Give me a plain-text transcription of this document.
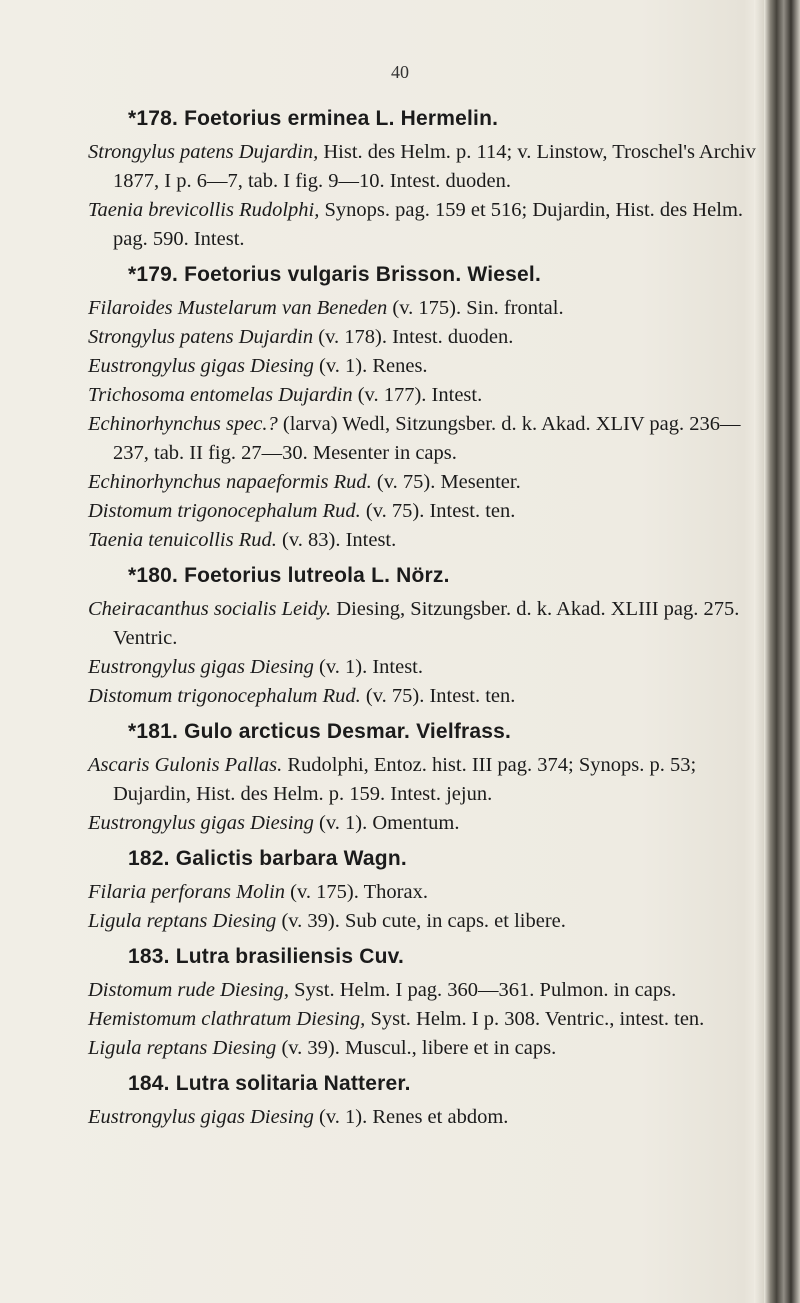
40
*178. Foetorius erminea L. Hermelin.

Strongylus patens Dujardin, Hist. des Helm. p. 114; v. Linstow, Troschel's Archiv 1877, I p. 6—7, tab. I fig. 9—10. Intest. duoden.

Taenia brevicollis Rudolphi, Synops. pag. 159 et 516; Dujardin, Hist. des Helm. pag. 590. Intest.

*179. Foetorius vulgaris Brisson. Wiesel.

Filaroides Mustelarum van Beneden (v. 175). Sin. frontal.

Strongylus patens Dujardin (v. 178). Intest. duoden.

Eustrongylus gigas Diesing (v. 1). Renes.

Trichosoma entomelas Dujardin (v. 177). Intest.

Echinorhynchus spec.? (larva) Wedl, Sitzungsber. d. k. Akad. XLIV pag. 236—237, tab. II fig. 27—30. Mesenter in caps.

Echinorhynchus napaeformis Rud. (v. 75). Mesenter.

Distomum trigonocephalum Rud. (v. 75). Intest. ten.

Taenia tenuicollis Rud. (v. 83). Intest.

*180. Foetorius lutreola L. Nörz.

Cheiracanthus socialis Leidy. Diesing, Sitzungsber. d. k. Akad. XLIII pag. 275. Ventric.

Eustrongylus gigas Diesing (v. 1). Intest.

Distomum trigonocephalum Rud. (v. 75). Intest. ten.

*181. Gulo arcticus Desmar. Vielfrass.

Ascaris Gulonis Pallas. Rudolphi, Entoz. hist. III pag. 374; Synops. p. 53; Dujardin, Hist. des Helm. p. 159. Intest. jejun.

Eustrongylus gigas Diesing (v. 1). Omentum.

182. Galictis barbara Wagn.

Filaria perforans Molin (v. 175). Thorax.

Ligula reptans Diesing (v. 39). Sub cute, in caps. et libere.

183. Lutra brasiliensis Cuv.

Distomum rude Diesing, Syst. Helm. I pag. 360—361. Pulmon. in caps.

Hemistomum clathratum Diesing, Syst. Helm. I p. 308. Ventric., intest. ten.

Ligula reptans Diesing (v. 39). Muscul., libere et in caps.

184. Lutra solitaria Natterer.

Eustrongylus gigas Diesing (v. 1). Renes et abdom.
